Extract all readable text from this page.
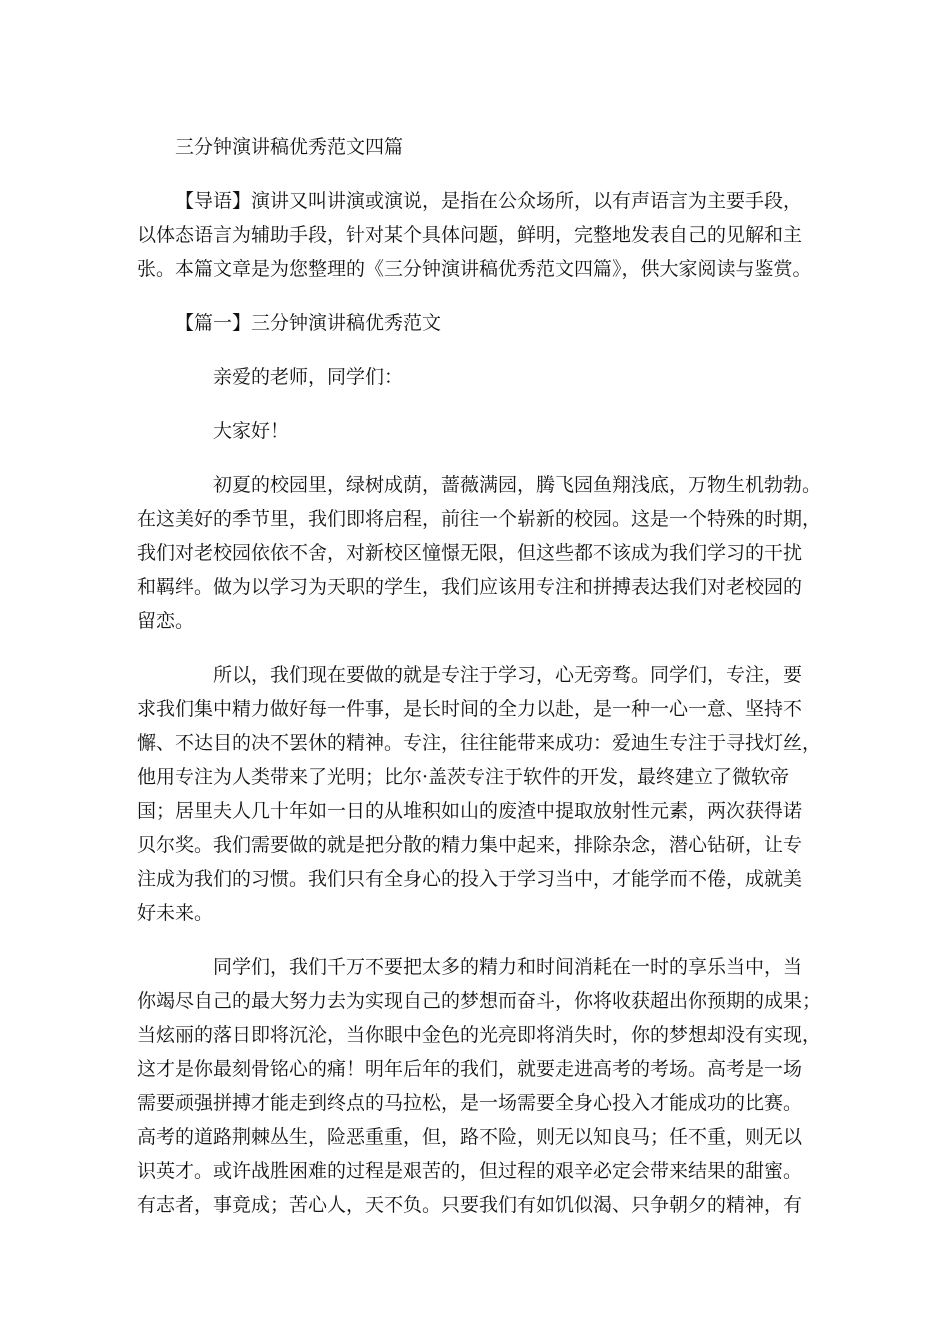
三分钟演讲稿优秀范文四篇
【导语】演讲又叫讲演或演说，是指在公众场所，以有声语言为主要手段，
以体态语言为辅助手段，针对某个具体问题，鲜明，完整地发表自己的见解和主
张。本篇文章是为您整理的《三分钟演讲稿优秀范文四篇》，供大家阅读与鉴赏。
【篇一】三分钟演讲稿优秀范文
亲爱的老师，同学们：
大家好！
初夏的校园里，绿树成荫，蔷薇满园，腾飞园鱼翔浅底，万物生机勃勃。
在这美好的季节里，我们即将启程，前往一个崭新的校园。这是一个特殊的时期，
我们对老校园依依不舍，对新校区憧憬无限，但这些都不该成为我们学习的干扰
和羁绊。做为以学习为天职的学生，我们应该用专注和拼搏表达我们对老校园的
留恋。
所以，我们现在要做的就是专注于学习，心无旁骛。同学们，专注，要
求我们集中精力做好每一件事，是长时间的全力以赴，是一种一心一意、坚持不
懈、不达目的决不罢休的精神。专注，往往能带来成功：爱迪生专注于寻找灯丝，
他用专注为人类带来了光明；比尔·盖茨专注于软件的开发，最终建立了微软帝
国；居里夫人几十年如一日的从堆积如山的废渣中提取放射性元素，两次获得诺
贝尔奖。我们需要做的就是把分散的精力集中起来，排除杂念，潜心钻研，让专
注成为我们的习惯。我们只有全身心的投入于学习当中，才能学而不倦，成就美
好未来。
同学们，我们千万不要把太多的精力和时间消耗在一时的享乐当中，当
你竭尽自己的最大努力去为实现自己的梦想而奋斗，你将收获超出你预期的成果；
当炫丽的落日即将沉沦，当你眼中金色的光亮即将消失时，你的梦想却没有实现，
这才是你最刻骨铭心的痛！明年后年的我们，就要走进高考的考场。高考是一场
需要顽强拼搏才能走到终点的马拉松，是一场需要全身心投入才能成功的比赛。
高考的道路荆棘丛生，险恶重重，但，路不险，则无以知良马；任不重，则无以
识英才。或许战胜困难的过程是艰苦的，但过程的艰辛必定会带来结果的甜蜜。
有志者，事竟成；苦心人，天不负。只要我们有如饥似渴、只争朝夕的精神，有
